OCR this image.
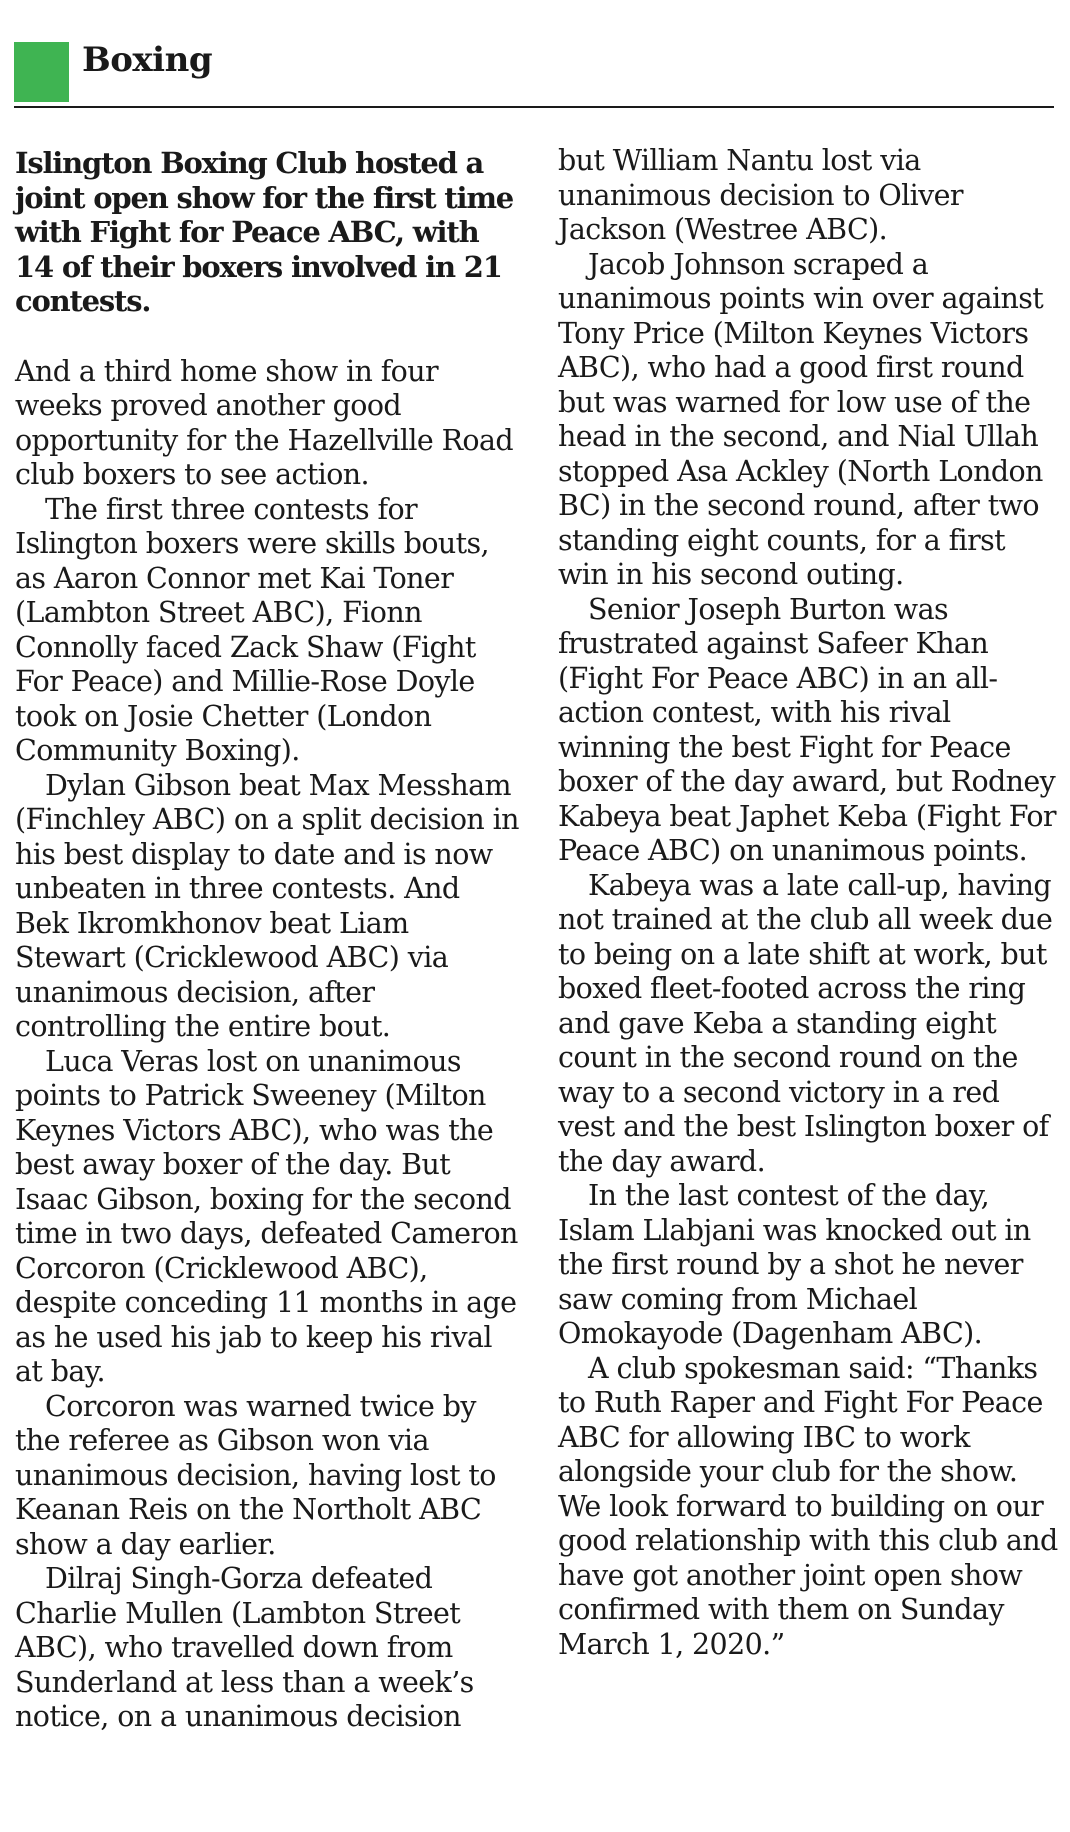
Boxing

Islington Boxing Club hosted a joint open show for the first time with Fight for Peace ABC, with 14 of their boxers involved in 21 contests.

And a third home show in four weeks proved another good opportunity for the Hazellville Road club boxers to see action.

The first three contests for Islington boxers were skills bouts, as Aaron Connor met Kai Toner (Lambton Street ABC), Fionn Connolly faced Zack Shaw (Fight For Peace) and Millie-Rose Doyle took on Josie Chetter (London Community Boxing).

Dylan Gibson beat Max Messham (Finchley ABC) on a split decision in his best display to date and is now unbeaten in three contests. And Bek Ikromkhonov beat Liam Stewart (Cricklewood ABC) via unanimous decision, after controlling the entire bout.

Luca Veras lost on unanimous points to Patrick Sweeney (Milton Keynes Victors ABC), who was the best away boxer of the day. But Isaac Gibson, boxing for the second time in two days, defeated Cameron Corcoron (Cricklewood ABC), despite conceding 11 months in age as he used his jab to keep his rival at bay.

Corcoron was warned twice by the referee as Gibson won via unanimous decision, having lost to Keanan Reis on the Northolt ABC show a day earlier.

Dilraj Singh-Gorza defeated Charlie Mullen (Lambton Street ABC), who travelled down from Sunderland at less than a week’s notice, on a unanimous decision

but William Nantu lost via unanimous decision to Oliver Jackson (Westree ABC).

Jacob Johnson scraped a unanimous points win over against Tony Price (Milton Keynes Victors ABC), who had a good first round but was warned for low use of the head in the second, and Nial Ullah stopped Asa Ackley (North London BC) in the second round, after two standing eight counts, for a first win in his second outing.

Senior Joseph Burton was frustrated against Safeer Khan (Fight For Peace ABC) in an all-action contest, with his rival winning the best Fight for Peace boxer of the day award, but Rodney Kabeya beat Japhet Keba (Fight For Peace ABC) on unanimous points.

Kabeya was a late call-up, having not trained at the club all week due to being on a late shift at work, but boxed fleet-footed across the ring and gave Keba a standing eight count in the second round on the way to a second victory in a red vest and the best Islington boxer of the day award.

In the last contest of the day, Islam Llabjani was knocked out in the first round by a shot he never saw coming from Michael Omokayode (Dagenham ABC).

A club spokesman said: “Thanks to Ruth Raper and Fight For Peace ABC for allowing IBC to work alongside your club for the show. We look forward to building on our good relationship with this club and have got another joint open show confirmed with them on Sunday March 1, 2020.”
